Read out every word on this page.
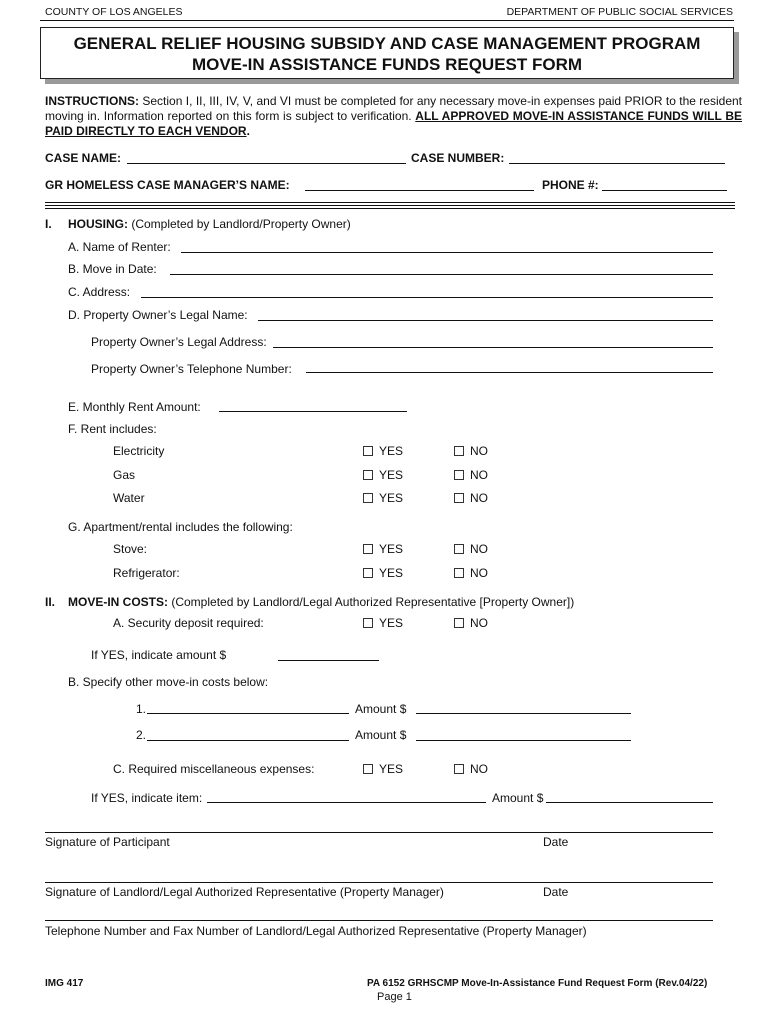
COUNTY OF LOS ANGELES	DEPARTMENT OF PUBLIC SOCIAL SERVICES
GENERAL RELIEF HOUSING SUBSIDY AND CASE MANAGEMENT PROGRAM
MOVE-IN ASSISTANCE FUNDS REQUEST FORM
INSTRUCTIONS: Section I, II, III, IV, V, and VI must be completed for any necessary move-in expenses paid PRIOR to the resident moving in. Information reported on this form is subject to verification. ALL APPROVED MOVE-IN ASSISTANCE FUNDS WILL BE PAID DIRECTLY TO EACH VENDOR.
CASE NAME:	CASE NUMBER:
GR HOMELESS CASE MANAGER’S NAME:	PHONE #:
I. HOUSING: (Completed by Landlord/Property Owner)
A. Name of Renter:
B. Move in Date:
C. Address:
D. Property Owner’s Legal Name:
Property Owner’s Legal Address:
Property Owner’s Telephone Number:
E. Monthly Rent Amount:
F. Rent includes:
Electricity	YES	NO
Gas	YES	NO
Water	YES	NO
G. Apartment/rental includes the following:
Stove:	YES	NO
Refrigerator:	YES	NO
II. MOVE-IN COSTS: (Completed by Landlord/Legal Authorized Representative [Property Owner])
A. Security deposit required:	YES	NO
If YES, indicate amount $
B. Specify other move-in costs below:
1.	Amount $
2.	Amount $
C. Required miscellaneous expenses:	YES	NO
If YES, indicate item:	Amount $
Signature of Participant	Date
Signature of Landlord/Legal Authorized Representative (Property Manager)	Date
Telephone Number and Fax Number of Landlord/Legal Authorized Representative (Property Manager)
IMG 417	PA 6152 GRHSCMP Move-In-Assistance Fund Request Form (Rev.04/22)
Page 1
